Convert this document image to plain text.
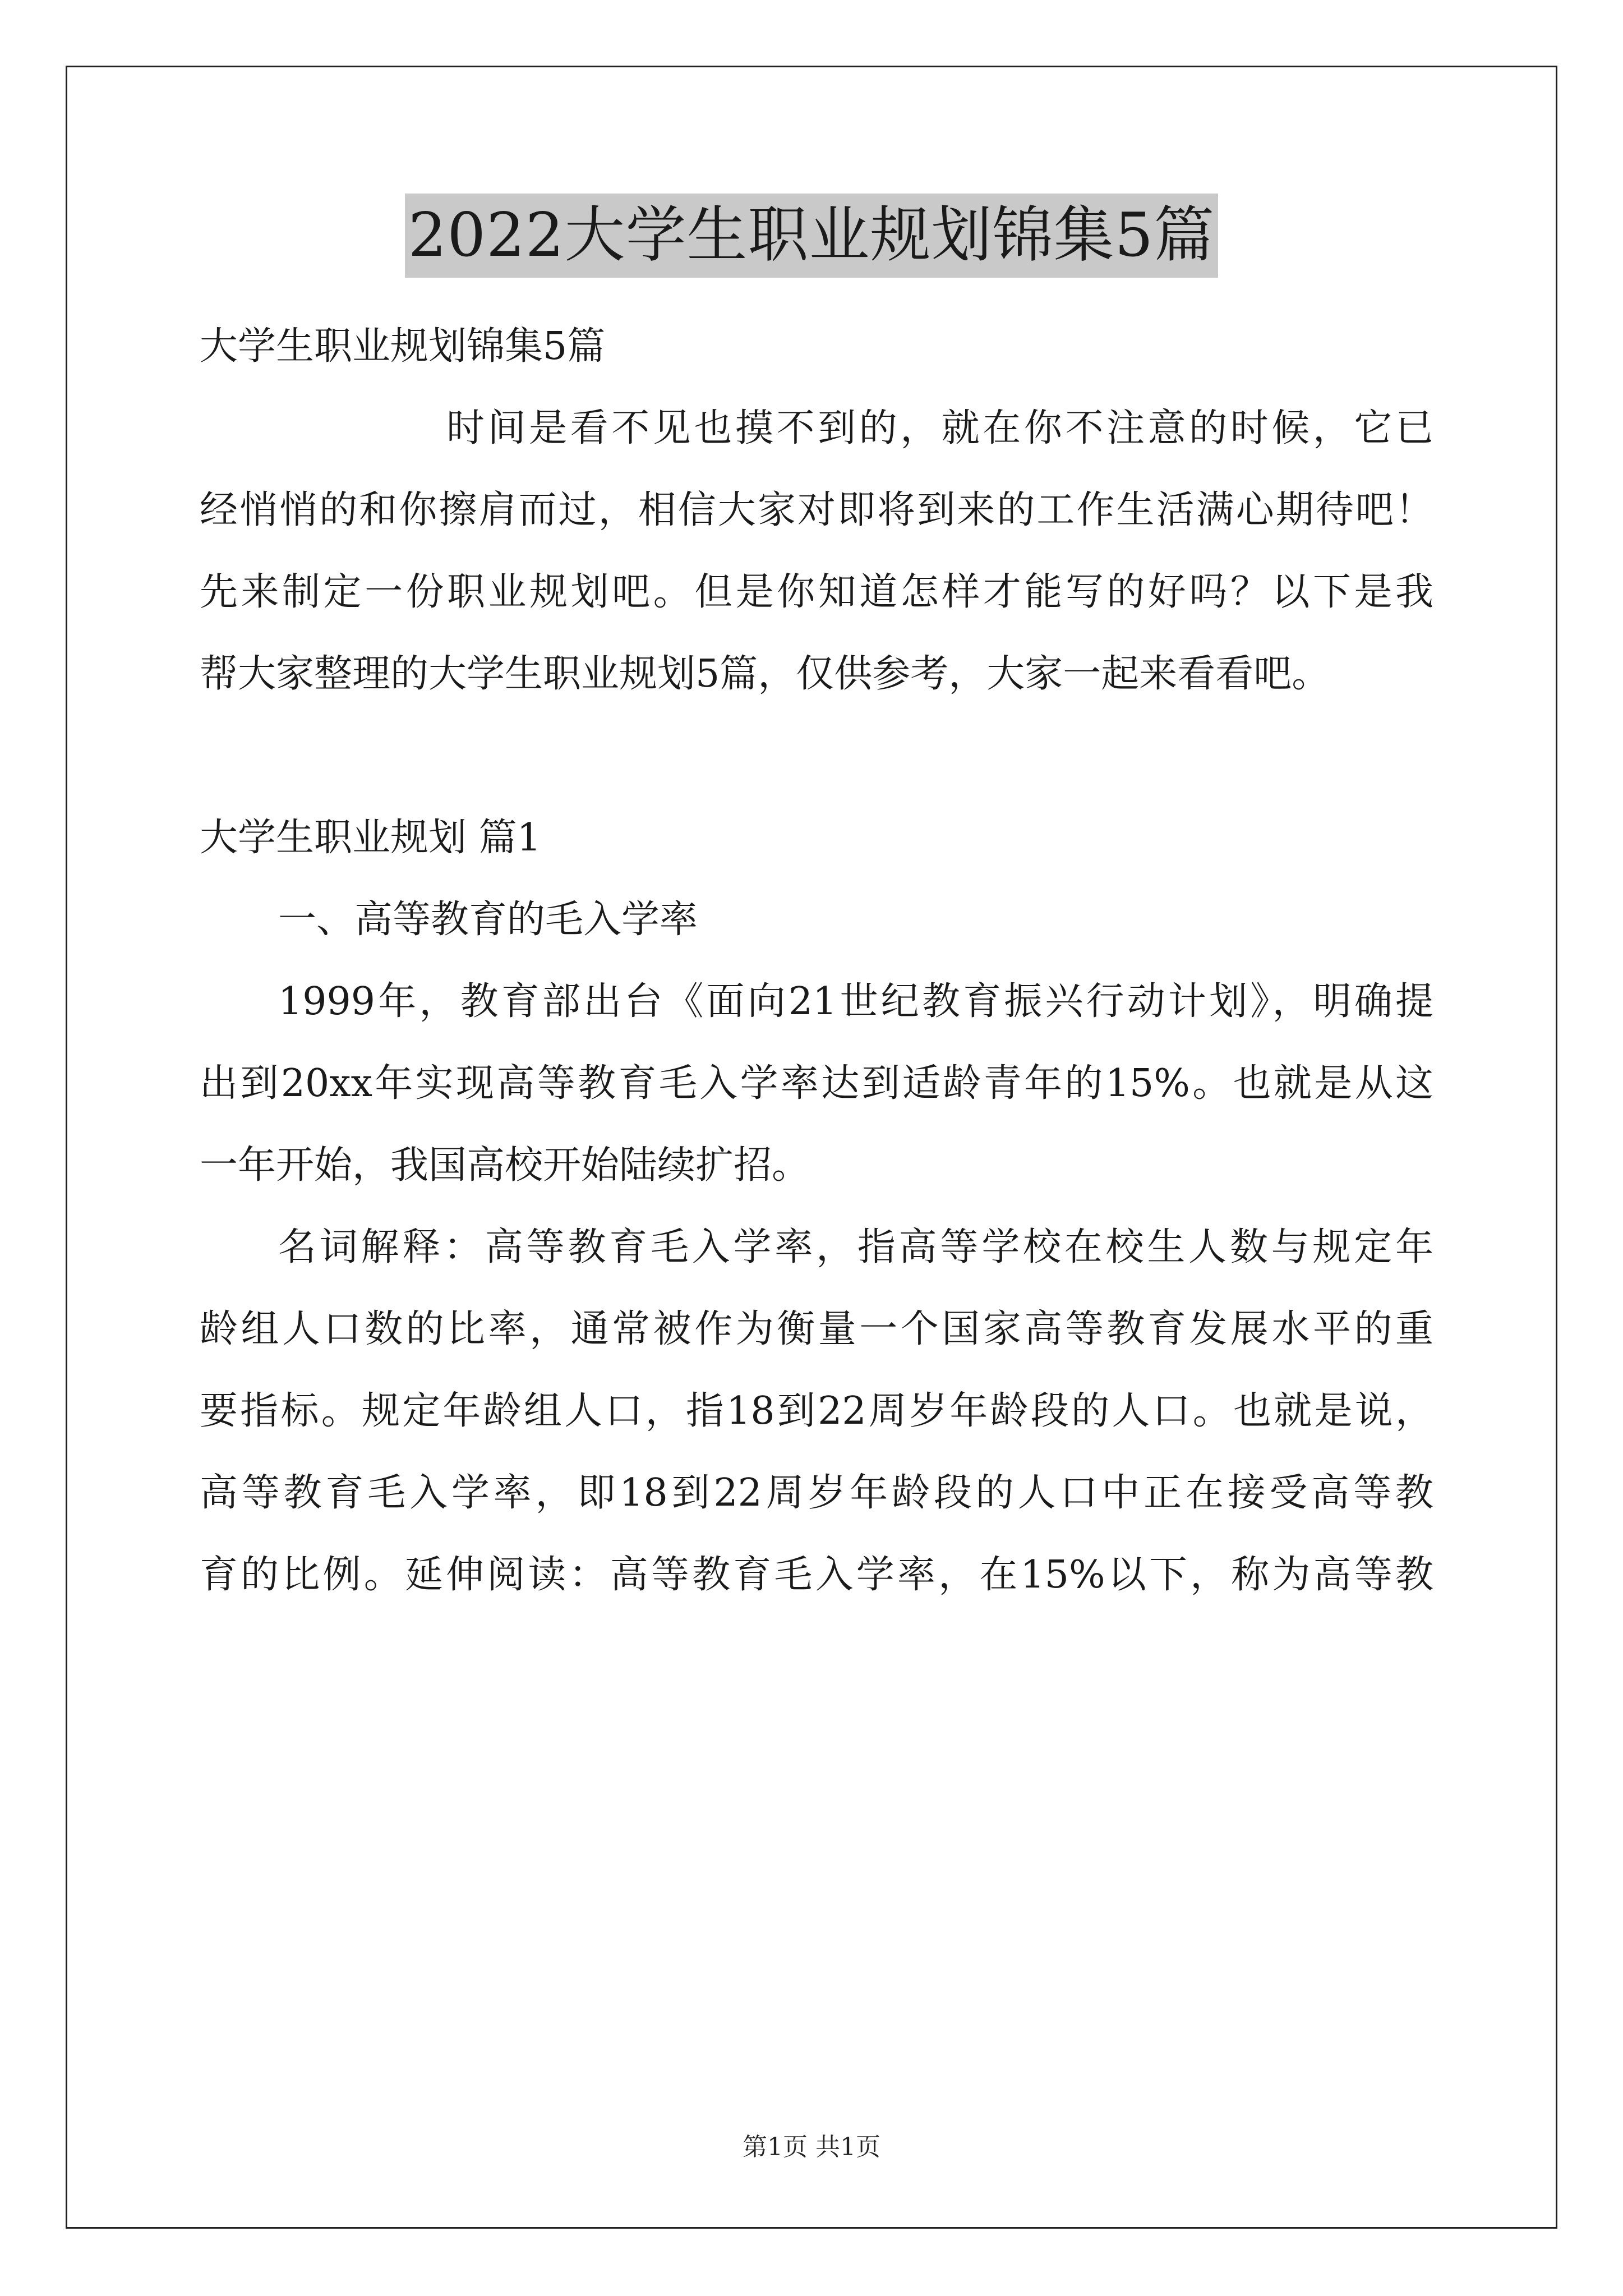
2022大学生职业规划锦集5篇
大学生职业规划锦集5篇
时间是看不见也摸不到的，就在你不注意的时候，它已
经悄悄的和你擦肩而过，相信大家对即将到来的工作生活满心期待吧！
先来制定一份职业规划吧。但是你知道怎样才能写的好吗？以下是我
帮大家整理的大学生职业规划5篇，仅供参考，大家一起来看看吧。
大学生职业规划 篇1
一、高等教育的毛入学率
1999年，教育部出台《面向21世纪教育振兴行动计划》，明确提
出到20xx年实现高等教育毛入学率达到适龄青年的15%。也就是从这
一年开始，我国高校开始陆续扩招。
名词解释：高等教育毛入学率，指高等学校在校生人数与规定年
龄组人口数的比率，通常被作为衡量一个国家高等教育发展水平的重
要指标。规定年龄组人口，指18到22周岁年龄段的人口。也就是说，
高等教育毛入学率，即18到22周岁年龄段的人口中正在接受高等教
育的比例。延伸阅读：高等教育毛入学率，在15%以下，称为高等教
第1页 共1页
